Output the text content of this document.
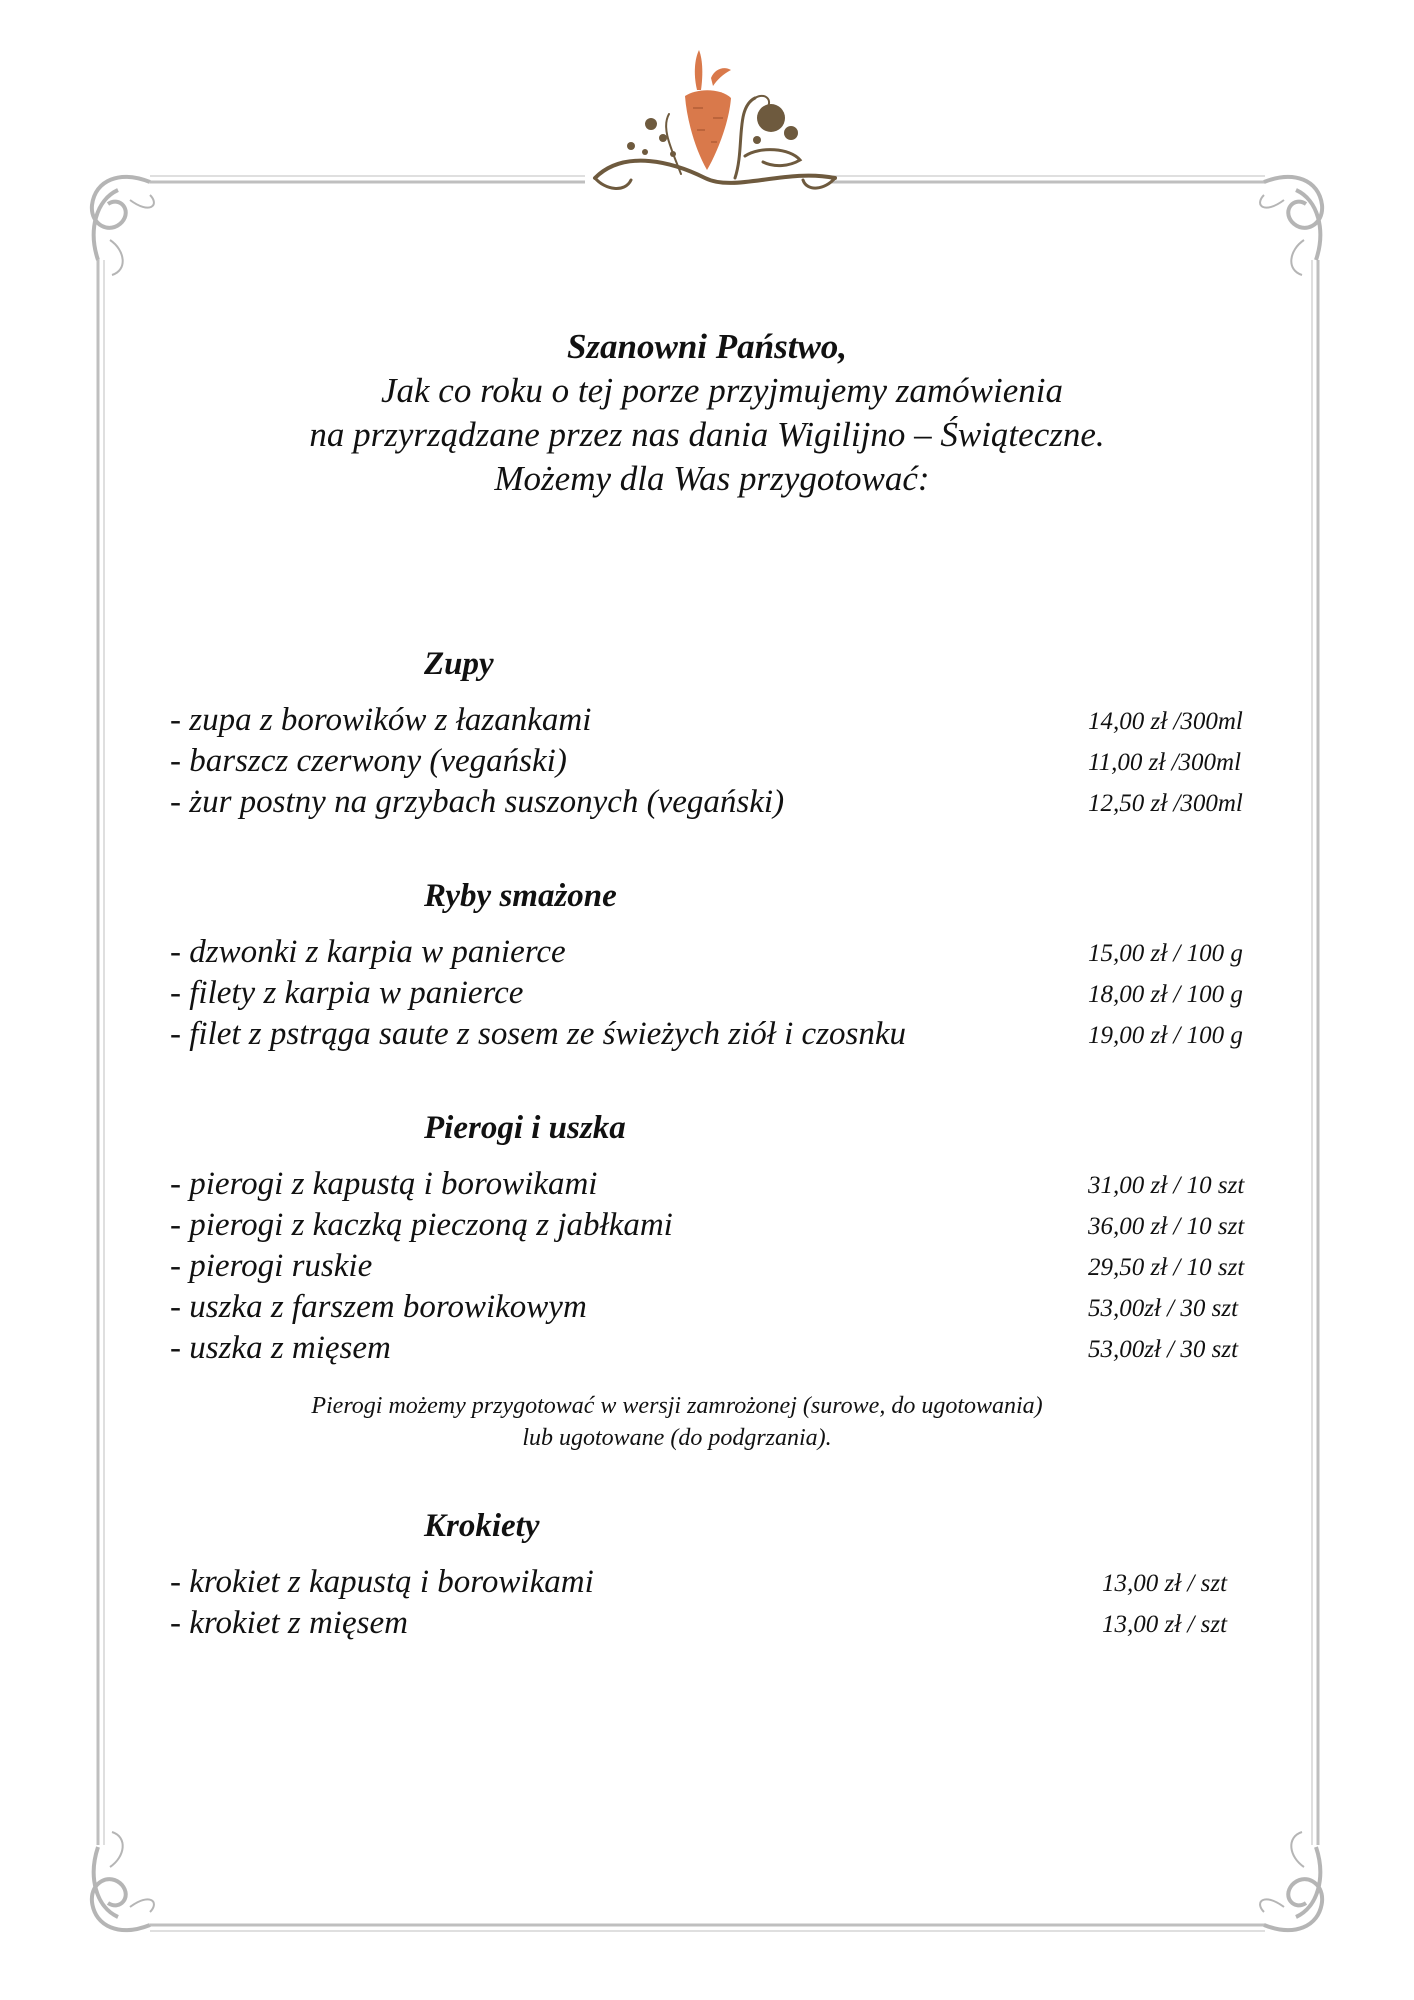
Szanowni Państwo,
Jak co roku o tej porze przyjmujemy zamówienia
na przyrządzane przez nas dania Wigilijno – Świąteczne.
Możemy dla Was przygotować:
Zupy
- zupa z borowików z łazankami	14,00 zł /300ml
- barszcz czerwony (vegański)	11,00 zł /300ml
- żur postny na grzybach suszonych (vegański)	12,50 zł /300ml
Ryby smażone
- dzwonki z karpia w panierce	15,00 zł / 100 g
- filety z karpia w panierce	18,00 zł / 100 g
- filet z pstrąga saute z sosem ze świeżych ziół i czosnku	19,00 zł / 100 g
Pierogi i uszka
- pierogi z kapustą i borowikami	31,00 zł / 10 szt
- pierogi z kaczką pieczoną z jabłkami	36,00 zł / 10 szt
- pierogi ruskie	29,50 zł / 10 szt
- uszka z farszem borowikowym	53,00zł / 30 szt
- uszka z mięsem	53,00zł / 30 szt
Pierogi możemy przygotować w wersji zamrożonej (surowe, do ugotowania)
lub ugotowane (do podgrzania).
Krokiety
- krokiet z kapustą i borowikami	13,00 zł / szt
- krokiet z mięsem	13,00 zł / szt
